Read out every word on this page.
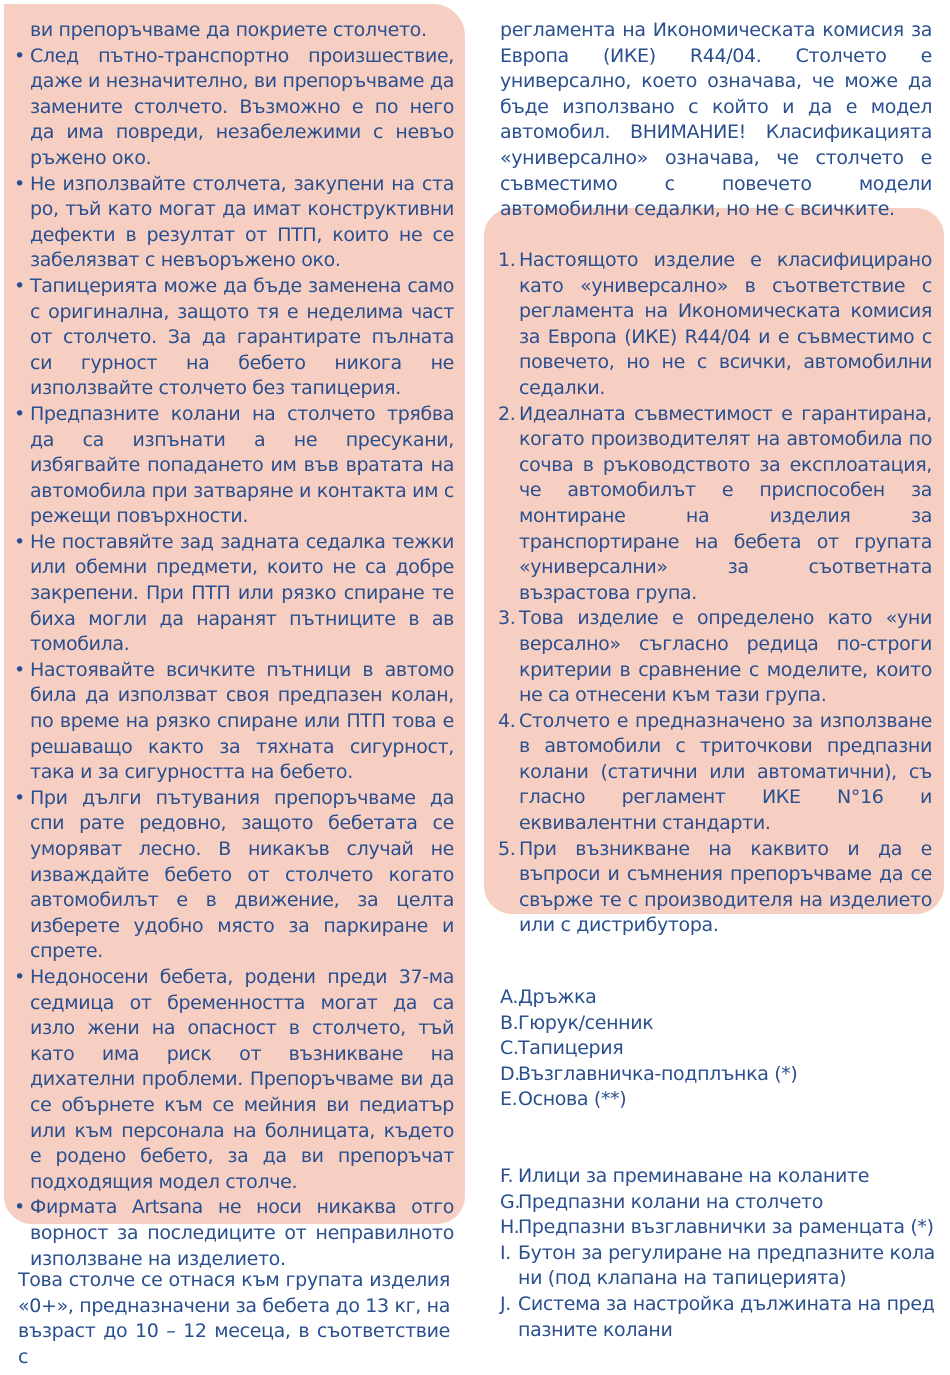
ви препоръчваме да покриете столчето.
• След пътно-транспортно произшествие, даже и незначително, ви препоръчваме да замените столчето. Възможно е по него да има повреди, незабележими с невъо ръжено око.
• Не използвайте столчета, закупени на ста ро, тъй като могат да имат конструктивни дефекти в резултат от ПТП, които не се забелязват с невъоръжено око.
• Тапицерията може да бъде заменена само с оригинална, защото тя е неделима част от столчето. За да гарантирате пълната си гурност на бебето никога не използвайте столчето без тапицерия.
• Предпазните колани на столчето трябва да са изпънати а не пресукани, избягвайте попадането им във вратата на автомобила при затваряне и контакта им с режещи повърхности.
• Не поставяйте зад задната седалка тежки или обемни предмети, които не са добре закрепени. При ПТП или рязко спиране те биха могли да наранят пътниците в ав томобила.
• Настоявайте всичките пътници в автомо била да използват своя предпазен колан, по време на рязко спиране или ПТП това е решаващо както за тяхната сигурност, така и за сигурността на бебето.
• При дълги пътувания препоръчваме да спи рате редовно, защото бебетата се уморяват лесно. В никакъв случай не изваждайте бебето от столчето когато автомобилът е в движение, за целта изберете удобно място за паркиране и спрете.
• Недоносени бебета, родени преди 37-ма седмица от бременността могат да са изло жени на опасност в столчето, тъй като има риск от възникване на дихателни проблеми. Препоръчваме ви да се обърнете към се мейния ви педиатър или към персонала на болницата, където е родено бебето, за да ви препоръчат подходящия модел столче.
• Фирмата Artsana не носи никаква отго ворност за последиците от неправилното използване на изделието.

Това столче се отнася към групата изделия «0+», предназначени за бебета до 13 кг, на възраст до 10 – 12 месеца, в съответствие с

регламента на Икономическата комисия за Европа (ИКЕ) R44/04. Столчето е универсално, което означава, че може да бъде използвано с който и да е модел автомобил. ВНИМАНИЕ! Класификацията «универсално» означава, че столчето е съвместимо с повечето модели автомобилни седалки, но не с всичките.

1. Настоящото изделие е класифицирано като «универсално» в съответствие с регламента на Икономическата комисия за Европа (ИКЕ) R44/04 и е съвместимо с повечето, но не с всички, автомобилни седалки.
2. Идеалната съвместимост е гарантирана, когато производителят на автомобила по сочва в ръководството за експлоатация, че автомобилът е приспособен за монтиране на изделия за транспортиране на бебета от групата «универсални» за съответната възрастова група.
3. Това изделие е определено като «уни версално» съгласно редица по-строги критерии в сравнение с моделите, които не са отнесени към тази група.
4. Столчето е предназначено за използване в автомобили с триточкови предпазни колани (статични или автоматични), съ гласно регламент ИКЕ N°16 и еквивалентни стандарти.
5. При възникване на каквито и да е въпроси и съмнения препоръчваме да се свърже те с производителя на изделието или с дистрибутора.
A. Дръжка
B. Гюрук/сенник
C. Тапицерия
D.
Възглавничка-подплънка (*)
E. Основа (**)
F. Илици за преминаване на коланите
G.
Предпазни колани на столчето
H.
Предпазни възглавнички за раменцата (*)
I. Бутон за регулиране на предпазните кола ни (под клапана на тапицерията)
J. Система за настройка дължината на пред пазните колани
